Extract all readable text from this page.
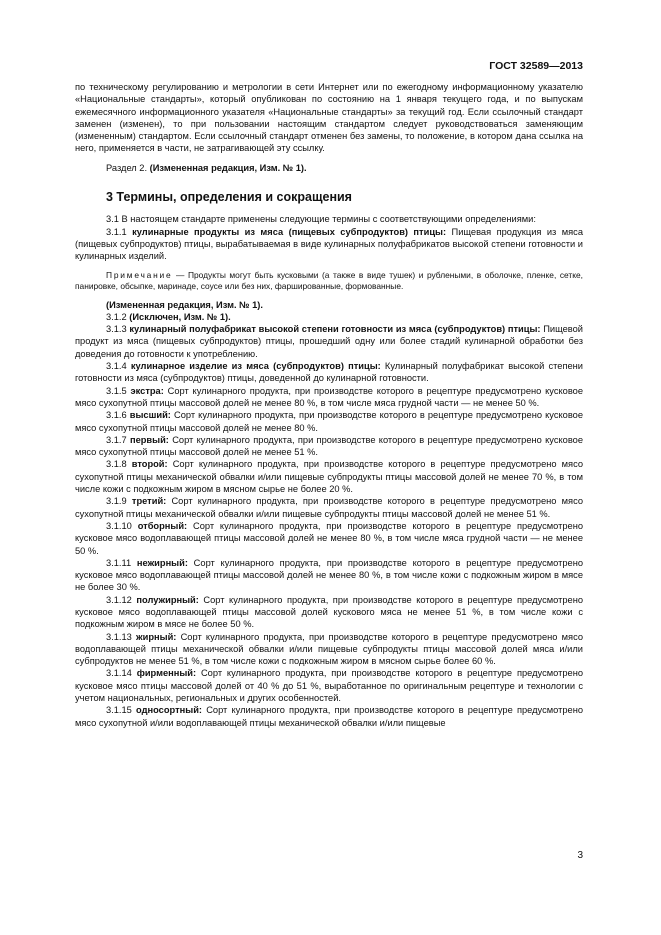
ГОСТ 32589—2013

по техническому регулированию и метрологии в сети Интернет или по ежегодному информационному указателю «Национальные стандарты», который опубликован по состоянию на 1 января текущего года, и по выпускам ежемесячного информационного указателя «Национальные стандарты» за текущий год. Если ссылочный стандарт заменен (изменен), то при пользовании настоящим стандартом следует руководствоваться заменяющим (измененным) стандартом. Если ссылочный стандарт отменен без замены, то положение, в котором дана ссылка на него, применяется в части, не затрагивающей эту ссылку.

Раздел 2. (Измененная редакция, Изм. № 1).

3 Термины, определения и сокращения

3.1 В настоящем стандарте применены следующие термины с соответствующими определениями:

3.1.1 кулинарные продукты из мяса (пищевых субпродуктов) птицы: Пищевая продукция из мяса (пищевых субпродуктов) птицы, вырабатываемая в виде кулинарных полуфабрикатов высокой степени готовности и кулинарных изделий.

Примечание — Продукты могут быть кусковыми (а также в виде тушек) и рублеными, в оболочке, пленке, сетке, панировке, обсыпке, маринаде, соусе или без них, фаршированные, формованные.

(Измененная редакция, Изм. № 1).

3.1.2 (Исключен, Изм. № 1).

3.1.3 кулинарный полуфабрикат высокой степени готовности из мяса (субпродуктов) птицы: Пищевой продукт из мяса (пищевых субпродуктов) птицы, прошедший одну или более стадий кулинарной обработки без доведения до готовности к употреблению.

3.1.4 кулинарное изделие из мяса (субпродуктов) птицы: Кулинарный полуфабрикат высокой степени готовности из мяса (субпродуктов) птицы, доведенной до кулинарной готовности.

3.1.5 экстра: Сорт кулинарного продукта, при производстве которого в рецептуре предусмотрено кусковое мясо сухопутной птицы массовой долей не менее 80 %, в том числе мяса грудной части — не менее 50 %.

3.1.6 высший: Сорт кулинарного продукта, при производстве которого в рецептуре предусмотрено кусковое мясо сухопутной птицы массовой долей не менее 80 %.

3.1.7 первый: Сорт кулинарного продукта, при производстве которого в рецептуре предусмотрено кусковое мясо сухопутной птицы массовой долей не менее 51 %.

3.1.8 второй: Сорт кулинарного продукта, при производстве которого в рецептуре предусмотрено мясо сухопутной птицы механической обвалки и/или пищевые субпродукты птицы массовой долей не менее 70 %, в том числе кожи с подкожным жиром в мясном сырье не более 20 %.

3.1.9 третий: Сорт кулинарного продукта, при производстве которого в рецептуре предусмотрено мясо сухопутной птицы механической обвалки и/или пищевые субпродукты птицы массовой долей не менее 51 %.

3.1.10 отборный: Сорт кулинарного продукта, при производстве которого в рецептуре предусмотрено кусковое мясо водоплавающей птицы массовой долей не менее 80 %, в том числе мяса грудной части — не менее 50 %.

3.1.11 нежирный: Сорт кулинарного продукта, при производстве которого в рецептуре предусмотрено кусковое мясо водоплавающей птицы массовой долей не менее 80 %, в том числе кожи с подкожным жиром в мясе не более 30 %.

3.1.12 полужирный: Сорт кулинарного продукта, при производстве которого в рецептуре предусмотрено кусковое мясо водоплавающей птицы массовой долей кускового мяса не менее 51 %, в том числе кожи с подкожным жиром в мясе не более 50 %.

3.1.13 жирный: Сорт кулинарного продукта, при производстве которого в рецептуре предусмотрено мясо водоплавающей птицы механической обвалки и/или пищевые субпродукты птицы массовой долей мяса и/или субпродуктов не менее 51 %, в том числе кожи с подкожным жиром в мясном сырье более 60 %.

3.1.14 фирменный: Сорт кулинарного продукта, при производстве которого в рецептуре предусмотрено кусковое мясо птицы массовой долей от 40 % до 51 %, выработанное по оригинальным рецептуре и технологии с учетом национальных, региональных и других особенностей.

3.1.15 односортный: Сорт кулинарного продукта, при производстве которого в рецептуре предусмотрено мясо сухопутной и/или водоплавающей птицы механической обвалки и/или пищевые

3
